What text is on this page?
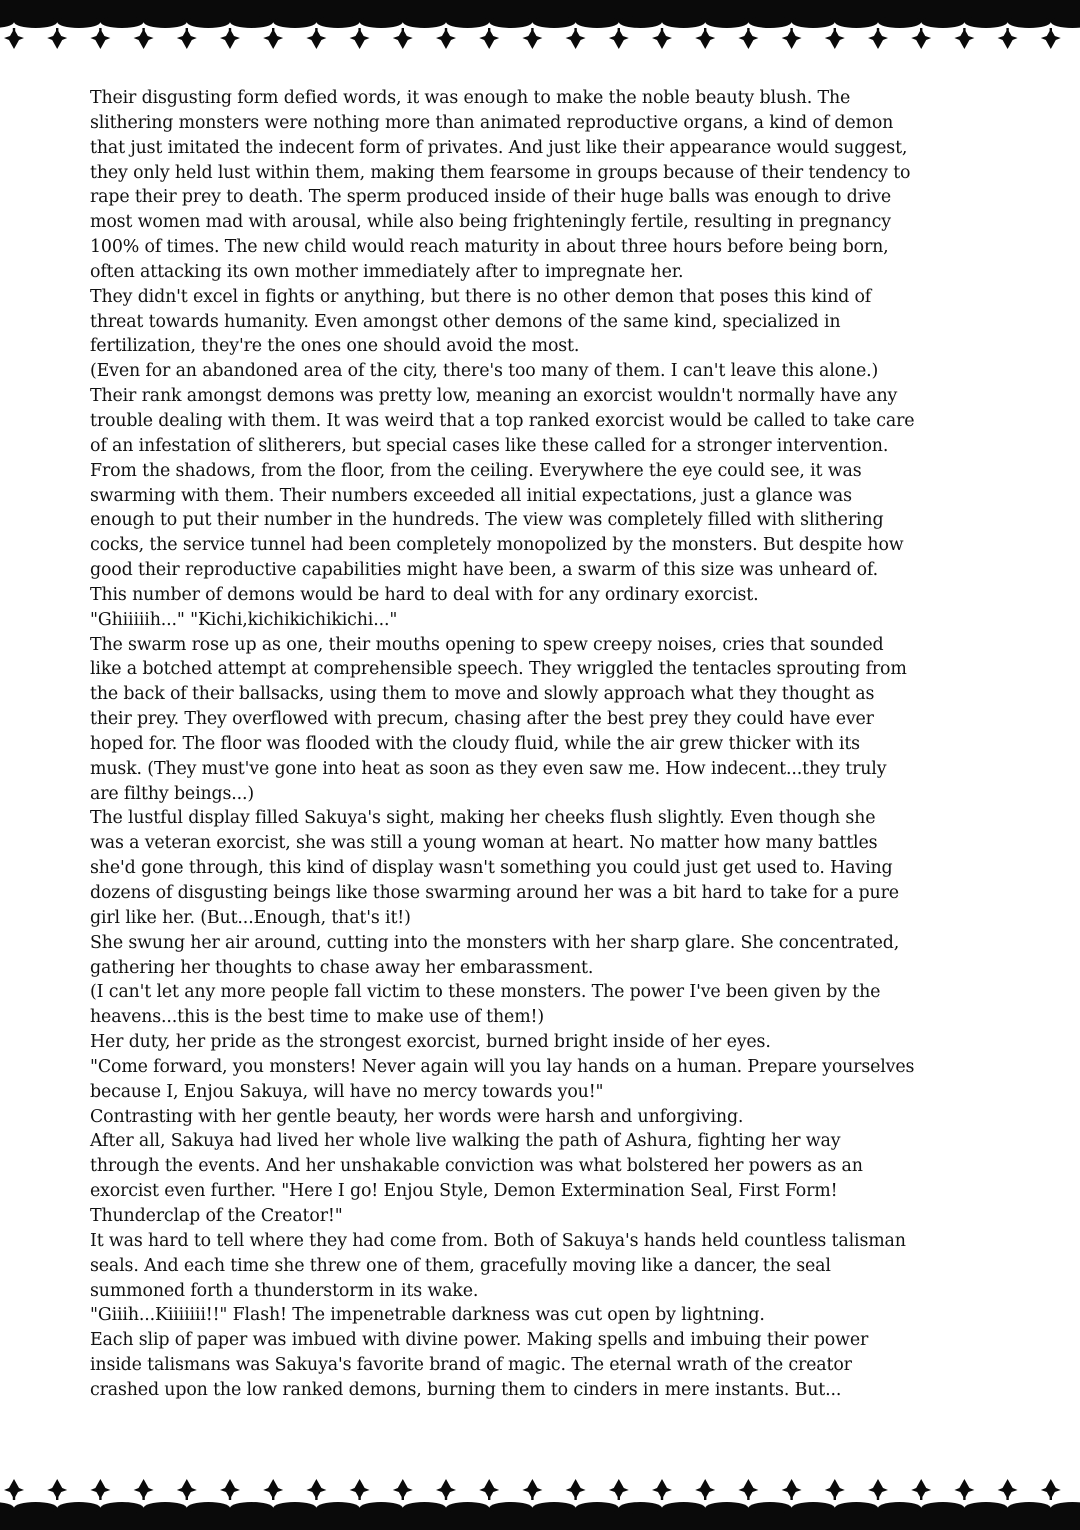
Their disgusting form defied words, it was enough to make the noble beauty blush. The

slithering monsters were nothing more than animated reproductive organs, a kind of demon

that just imitated the indecent form of privates. And just like their appearance would suggest,

they only held lust within them, making them fearsome in groups because of their tendency to

rape their prey to death. The sperm produced inside of their huge balls was enough to drive

most women mad with arousal, while also being frighteningly fertile, resulting in pregnancy

100% of times. The new child would reach maturity in about three hours before being born,

often attacking its own mother immediately after to impregnate her.

They didn't excel in fights or anything, but there is no other demon that poses this kind of

threat towards humanity. Even amongst other demons of the same kind, specialized in

fertilization, they're the ones one should avoid the most.

(Even for an abandoned area of the city, there's too many of them. I can't leave this alone.)

Their rank amongst demons was pretty low, meaning an exorcist wouldn't normally have any

trouble dealing with them. It was weird that a top ranked exorcist would be called to take care

of an infestation of slitherers, but special cases like these called for a stronger intervention.

From the shadows, from the floor, from the ceiling. Everywhere the eye could see, it was

swarming with them. Their numbers exceeded all initial expectations, just a glance was

enough to put their number in the hundreds. The view was completely filled with slithering

cocks, the service tunnel had been completely monopolized by the monsters. But despite how

good their reproductive capabilities might have been, a swarm of this size was unheard of.

This number of demons would be hard to deal with for any ordinary exorcist.

"Ghiiiiih..." "Kichi,kichikichikichi..."

The swarm rose up as one, their mouths opening to spew creepy noises, cries that sounded

like a botched attempt at comprehensible speech. They wriggled the tentacles sprouting from

the back of their ballsacks, using them to move and slowly approach what they thought as

their prey. They overflowed with precum, chasing after the best prey they could have ever

hoped for. The floor was flooded with the cloudy fluid, while the air grew thicker with its

musk. (They must've gone into heat as soon as they even saw me. How indecent...they truly

are filthy beings...)

The lustful display filled Sakuya's sight, making her cheeks flush slightly. Even though she

was a veteran exorcist, she was still a young woman at heart. No matter how many battles

she'd gone through, this kind of display wasn't something you could just get used to. Having

dozens of disgusting beings like those swarming around her was a bit hard to take for a pure

girl like her. (But...Enough, that's it!)

She swung her air around, cutting into the monsters with her sharp glare. She concentrated,

gathering her thoughts to chase away her embarassment.

(I can't let any more people fall victim to these monsters. The power I've been given by the

heavens...this is the best time to make use of them!)

Her duty, her pride as the strongest exorcist, burned bright inside of her eyes.

"Come forward, you monsters! Never again will you lay hands on a human. Prepare yourselves

because I, Enjou Sakuya, will have no mercy towards you!"

Contrasting with her gentle beauty, her words were harsh and unforgiving.

After all, Sakuya had lived her whole live walking the path of Ashura, fighting her way

through the events. And her unshakable conviction was what bolstered her powers as an

exorcist even further. "Here I go! Enjou Style, Demon Extermination Seal, First Form!

Thunderclap of the Creator!"

It was hard to tell where they had come from. Both of Sakuya's hands held countless talisman

seals. And each time she threw one of them, gracefully moving like a dancer, the seal

summoned forth a thunderstorm in its wake.

"Giiih...Kiiiiiii!!" Flash! The impenetrable darkness was cut open by lightning.

Each slip of paper was imbued with divine power. Making spells and imbuing their power

inside talismans was Sakuya's favorite brand of magic. The eternal wrath of the creator

crashed upon the low ranked demons, burning them to cinders in mere instants. But...
